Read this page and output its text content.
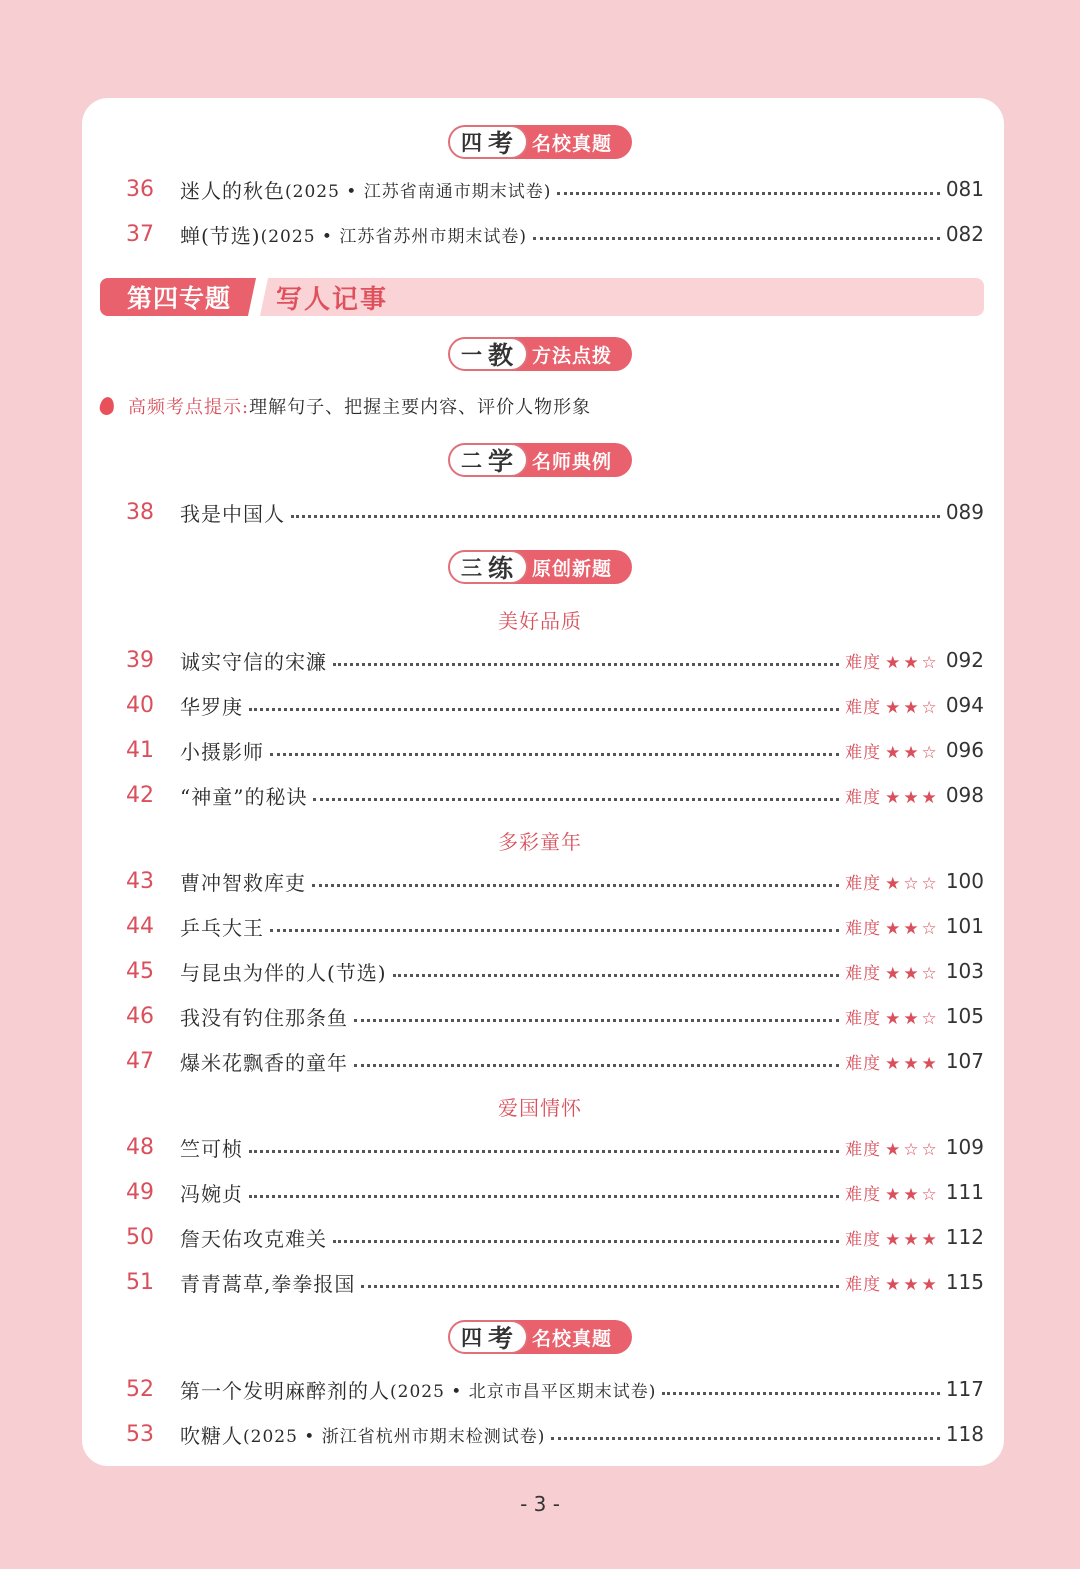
四 考 名校真题
36	迷人的秋色 (2025 • 江苏省南通市期末试卷)	081
37	蝉(节选) (2025 • 江苏省苏州市期末试卷)	082
第四专题	写人记事
一 教 方法点拨
高频考点提示: 理解句子、把握主要内容、评价人物形象
二 学 名师典例
38	我是中国人	089
三 练 原创新题
美好品质
39	诚实守信的宋濂	难度 ★★☆ 092
40	华罗庚	难度 ★★☆ 094
41	小摄影师	难度 ★★☆ 096
42	“神童”的秘诀	难度 ★★★ 098
多彩童年
43	曹冲智救库吏	难度 ★☆☆ 100
44	乒乓大王	难度 ★★☆ 101
45	与昆虫为伴的人(节选)	难度 ★★☆ 103
46	我没有钓住那条鱼	难度 ★★☆ 105
47	爆米花飘香的童年	难度 ★★★ 107
爱国情怀
48	竺可桢	难度 ★☆☆ 109
49	冯婉贞	难度 ★★☆ 111
50	詹天佑攻克难关	难度 ★★★ 112
51	青青蒿草,拳拳报国	难度 ★★★ 115
四 考 名校真题
52	第一个发明麻醉剂的人 (2025 • 北京市昌平区期末试卷)	117
53	吹糖人 (2025 • 浙江省杭州市期末检测试卷)	118
- 3 -
